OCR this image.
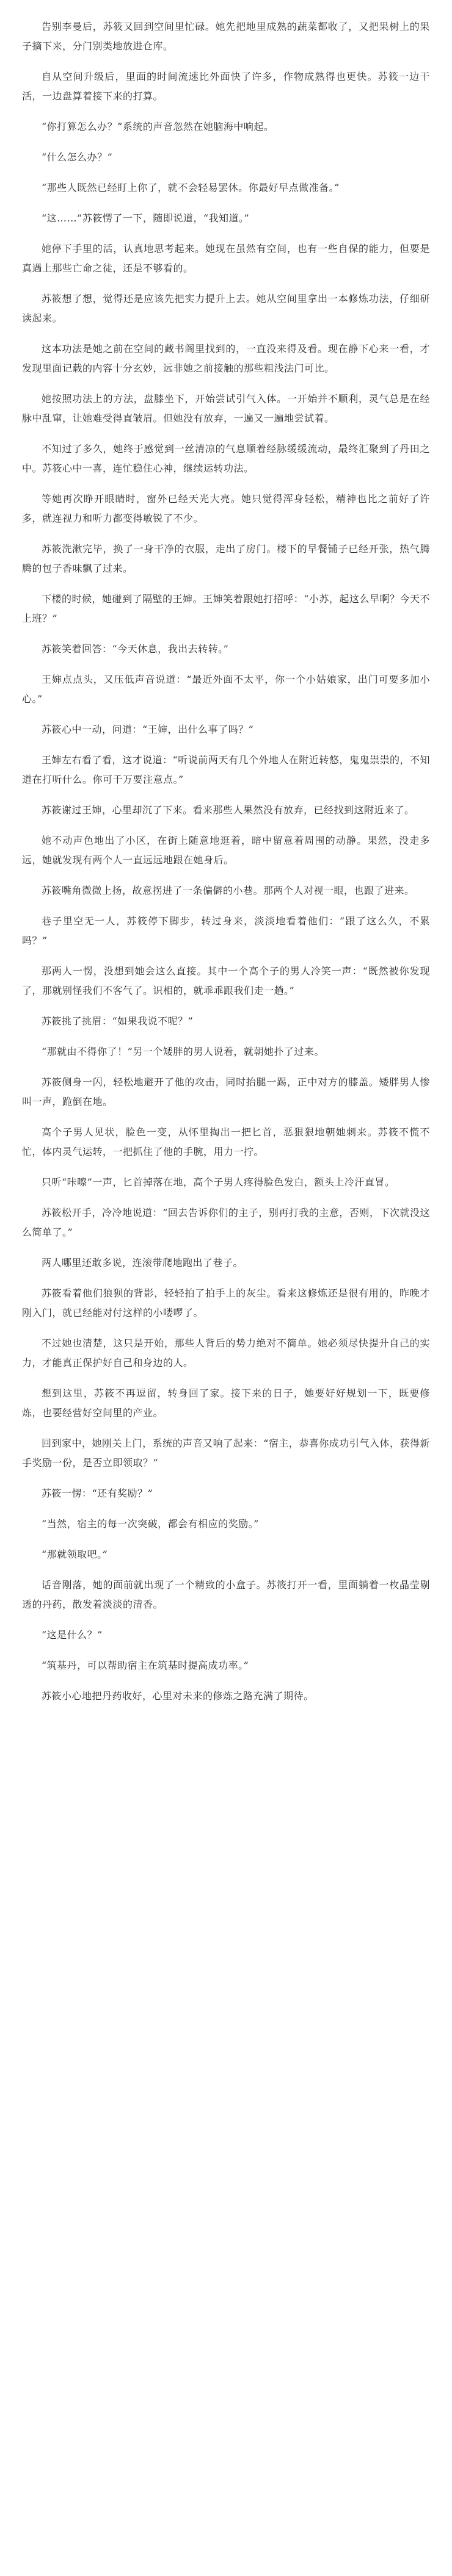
告别李曼后，苏筱又回到空间里忙碌。她先把地里成熟的蔬菜都收了，又把果树上的果子摘下来，分门别类地放进仓库。

自从空间升级后，里面的时间流速比外面快了许多，作物成熟得也更快。苏筱一边干活，一边盘算着接下来的打算。

“你打算怎么办？”系统的声音忽然在她脑海中响起。

“什么怎么办？”

“那些人既然已经盯上你了，就不会轻易罢休。你最好早点做准备。”

“这……”苏筱愣了一下，随即说道，“我知道。”

她停下手里的活，认真地思考起来。她现在虽然有空间，也有一些自保的能力，但要是真遇上那些亡命之徒，还是不够看的。

苏筱想了想，觉得还是应该先把实力提升上去。她从空间里拿出一本修炼功法，仔细研读起来。

这本功法是她之前在空间的藏书阁里找到的，一直没来得及看。现在静下心来一看，才发现里面记载的内容十分玄妙，远非她之前接触的那些粗浅法门可比。

她按照功法上的方法，盘膝坐下，开始尝试引气入体。一开始并不顺利，灵气总是在经脉中乱窜，让她难受得直皱眉。但她没有放弃，一遍又一遍地尝试着。

不知过了多久，她终于感觉到一丝清凉的气息顺着经脉缓缓流动，最终汇聚到了丹田之中。苏筱心中一喜，连忙稳住心神，继续运转功法。

等她再次睁开眼睛时，窗外已经天光大亮。她只觉得浑身轻松，精神也比之前好了许多，就连视力和听力都变得敏锐了不少。

苏筱洗漱完毕，换了一身干净的衣服，走出了房门。楼下的早餐铺子已经开张，热气腾腾的包子香味飘了过来。

下楼的时候，她碰到了隔壁的王婶。王婶笑着跟她打招呼：“小苏，起这么早啊？今天不上班？”

苏筱笑着回答：“今天休息，我出去转转。”

王婶点点头，又压低声音说道：“最近外面不太平，你一个小姑娘家，出门可要多加小心。”

苏筱心中一动，问道：“王婶，出什么事了吗？”

王婶左右看了看，这才说道：“听说前两天有几个外地人在附近转悠，鬼鬼祟祟的，不知道在打听什么。你可千万要注意点。”

苏筱谢过王婶，心里却沉了下来。看来那些人果然没有放弃，已经找到这附近来了。

她不动声色地出了小区，在街上随意地逛着，暗中留意着周围的动静。果然，没走多远，她就发现有两个人一直远远地跟在她身后。

苏筱嘴角微微上扬，故意拐进了一条偏僻的小巷。那两个人对视一眼，也跟了进来。

巷子里空无一人，苏筱停下脚步，转过身来，淡淡地看着他们：“跟了这么久，不累吗？”

那两人一愣，没想到她会这么直接。其中一个高个子的男人冷笑一声：“既然被你发现了，那就别怪我们不客气了。识相的，就乖乖跟我们走一趟。”

苏筱挑了挑眉：“如果我说不呢？”

“那就由不得你了！”另一个矮胖的男人说着，就朝她扑了过来。

苏筱侧身一闪，轻松地避开了他的攻击，同时抬腿一踢，正中对方的膝盖。矮胖男人惨叫一声，跪倒在地。

高个子男人见状，脸色一变，从怀里掏出一把匕首，恶狠狠地朝她刺来。苏筱不慌不忙，体内灵气运转，一把抓住了他的手腕，用力一拧。

只听“咔嚓”一声，匕首掉落在地，高个子男人疼得脸色发白，额头上冷汗直冒。

苏筱松开手，冷冷地说道：“回去告诉你们的主子，别再打我的主意，否则，下次就没这么简单了。”

两人哪里还敢多说，连滚带爬地跑出了巷子。

苏筱看着他们狼狈的背影，轻轻拍了拍手上的灰尘。看来这修炼还是很有用的，昨晚才刚入门，就已经能对付这样的小喽啰了。

不过她也清楚，这只是开始，那些人背后的势力绝对不简单。她必须尽快提升自己的实力，才能真正保护好自己和身边的人。

想到这里，苏筱不再逗留，转身回了家。接下来的日子，她要好好规划一下，既要修炼，也要经营好空间里的产业。

回到家中，她刚关上门，系统的声音又响了起来：“宿主，恭喜你成功引气入体，获得新手奖励一份，是否立即领取？”

苏筱一愣：“还有奖励？”

“当然，宿主的每一次突破，都会有相应的奖励。”

“那就领取吧。”

话音刚落，她的面前就出现了一个精致的小盒子。苏筱打开一看，里面躺着一枚晶莹剔透的丹药，散发着淡淡的清香。

“这是什么？”

“筑基丹，可以帮助宿主在筑基时提高成功率。”

苏筱小心地把丹药收好，心里对未来的修炼之路充满了期待。
